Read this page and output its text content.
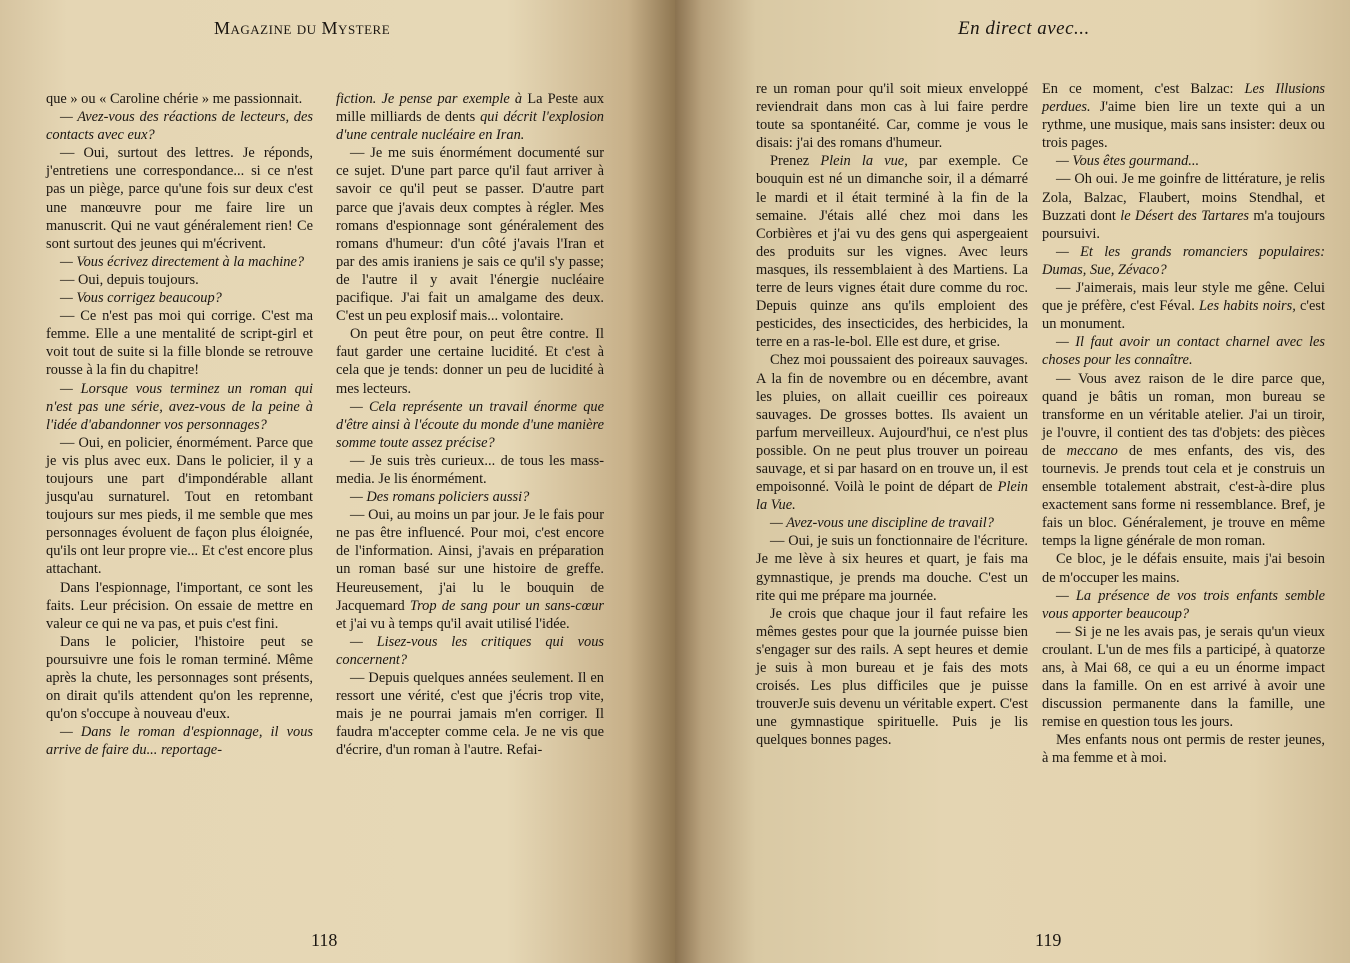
Magazine du Mystere

que » ou « Caroline chérie » me passionnait.

— Avez-vous des réactions de lecteurs, des contacts avec eux?

— Oui, surtout des lettres. Je réponds, j'entretiens une correspondance... si ce n'est pas un piège, parce qu'une fois sur deux c'est une manœuvre pour me faire lire un manuscrit. Qui ne vaut généralement rien! Ce sont surtout des jeunes qui m'écrivent.

— Vous écrivez directement à la machine?

— Oui, depuis toujours.

— Vous corrigez beaucoup?

— Ce n'est pas moi qui corrige. C'est ma femme. Elle a une mentalité de script-girl et voit tout de suite si la fille blonde se retrouve rousse à la fin du chapitre!

— Lorsque vous terminez un roman qui n'est pas une série, avez-vous de la peine à l'idée d'abandonner vos personnages?

— Oui, en policier, énormément. Parce que je vis plus avec eux. Dans le policier, il y a toujours une part d'impondérable allant jusqu'au surnaturel. Tout en retombant toujours sur mes pieds, il me semble que mes personnages évoluent de façon plus éloignée, qu'ils ont leur propre vie... Et c'est encore plus attachant.

Dans l'espionnage, l'important, ce sont les faits. Leur précision. On essaie de mettre en valeur ce qui ne va pas, et puis c'est fini.

Dans le policier, l'histoire peut se poursuivre une fois le roman terminé. Même après la chute, les personnages sont présents, on dirait qu'ils attendent qu'on les reprenne, qu'on s'occupe à nouveau d'eux.

— Dans le roman d'espionnage, il vous arrive de faire du... reportage-

fiction. Je pense par exemple à La Peste aux mille milliards de dents qui décrit l'explosion d'une centrale nucléaire en Iran.

— Je me suis énormément documenté sur ce sujet. D'une part parce qu'il faut arriver à savoir ce qu'il peut se passer. D'autre part parce que j'avais deux comptes à régler. Mes romans d'espionnage sont généralement des romans d'humeur: d'un côté j'avais l'Iran et par des amis iraniens je sais ce qu'il s'y passe; de l'autre il y avait l'énergie nucléaire pacifique. J'ai fait un amalgame des deux. C'est un peu explosif mais... volontaire.

On peut être pour, on peut être contre. Il faut garder une certaine lucidité. Et c'est à cela que je tends: donner un peu de lucidité à mes lecteurs.

— Cela représente un travail énorme que d'être ainsi à l'écoute du monde d'une manière somme toute assez précise?

— Je suis très curieux... de tous les mass-media. Je lis énormément.

— Des romans policiers aussi?

— Oui, au moins un par jour. Je le fais pour ne pas être influencé. Pour moi, c'est encore de l'information. Ainsi, j'avais en préparation un roman basé sur une histoire de greffe. Heureusement, j'ai lu le bouquin de Jacquemard Trop de sang pour un sans-cœur et j'ai vu à temps qu'il avait utilisé l'idée.

— Lisez-vous les critiques qui vous concernent?

— Depuis quelques années seulement. Il en ressort une vérité, c'est que j'écris trop vite, mais je ne pourrai jamais m'en corriger. Il faudra m'accepter comme cela. Je ne vis que d'écrire, d'un roman à l'autre. Refai-

118
En direct avec...

re un roman pour qu'il soit mieux enveloppé reviendrait dans mon cas à lui faire perdre toute sa spontanéité. Car, comme je vous le disais: j'ai des romans d'humeur.

Prenez Plein la vue, par exemple. Ce bouquin est né un dimanche soir, il a démarré le mardi et il était terminé à la fin de la semaine. J'étais allé chez moi dans les Corbières et j'ai vu des gens qui aspergeaient des produits sur les vignes. Avec leurs masques, ils ressemblaient à des Martiens. La terre de leurs vignes était dure comme du roc. Depuis quinze ans qu'ils emploient des pesticides, des insecticides, des herbicides, la terre en a ras-le-bol. Elle est dure, et grise.

Chez moi poussaient des poireaux sauvages. A la fin de novembre ou en décembre, avant les pluies, on allait cueillir ces poireaux sauvages. De grosses bottes. Ils avaient un parfum merveilleux. Aujourd'hui, ce n'est plus possible. On ne peut plus trouver un poireau sauvage, et si par hasard on en trouve un, il est empoisonné. Voilà le point de départ de Plein la Vue.

— Avez-vous une discipline de travail?

— Oui, je suis un fonctionnaire de l'écriture. Je me lève à six heures et quart, je fais ma gymnastique, je prends ma douche. C'est un rite qui me prépare ma journée.

Je crois que chaque jour il faut refaire les mêmes gestes pour que la journée puisse bien s'engager sur des rails. A sept heures et demie je suis à mon bureau et je fais des mots croisés. Les plus difficiles que je puisse trouverJe suis devenu un véritable expert. C'est une gymnastique spirituelle. Puis je lis quelques bonnes pages.

En ce moment, c'est Balzac: Les Illusions perdues. J'aime bien lire un texte qui a un rythme, une musique, mais sans insister: deux ou trois pages.

— Vous êtes gourmand...

— Oh oui. Je me goinfre de littérature, je relis Zola, Balzac, Flaubert, moins Stendhal, et Buzzati dont le Désert des Tartares m'a toujours poursuivi.

— Et les grands romanciers populaires: Dumas, Sue, Zévaco?

— J'aimerais, mais leur style me gêne. Celui que je préfère, c'est Féval. Les habits noirs, c'est un monument.

— Il faut avoir un contact charnel avec les choses pour les connaître.

— Vous avez raison de le dire parce que, quand je bâtis un roman, mon bureau se transforme en un véritable atelier. J'ai un tiroir, je l'ouvre, il contient des tas d'objets: des pièces de meccano de mes enfants, des vis, des tournevis. Je prends tout cela et je construis un ensemble totalement abstrait, c'est-à-dire plus exactement sans forme ni ressemblance. Bref, je fais un bloc. Généralement, je trouve en même temps la ligne générale de mon roman.

Ce bloc, je le défais ensuite, mais j'ai besoin de m'occuper les mains.

— La présence de vos trois enfants semble vous apporter beaucoup?

— Si je ne les avais pas, je serais qu'un vieux croulant. L'un de mes fils a participé, à quatorze ans, à Mai 68, ce qui a eu un énorme impact dans la famille. On en est arrivé à avoir une discussion permanente dans la famille, une remise en question tous les jours.

Mes enfants nous ont permis de rester jeunes, à ma femme et à moi.

119
